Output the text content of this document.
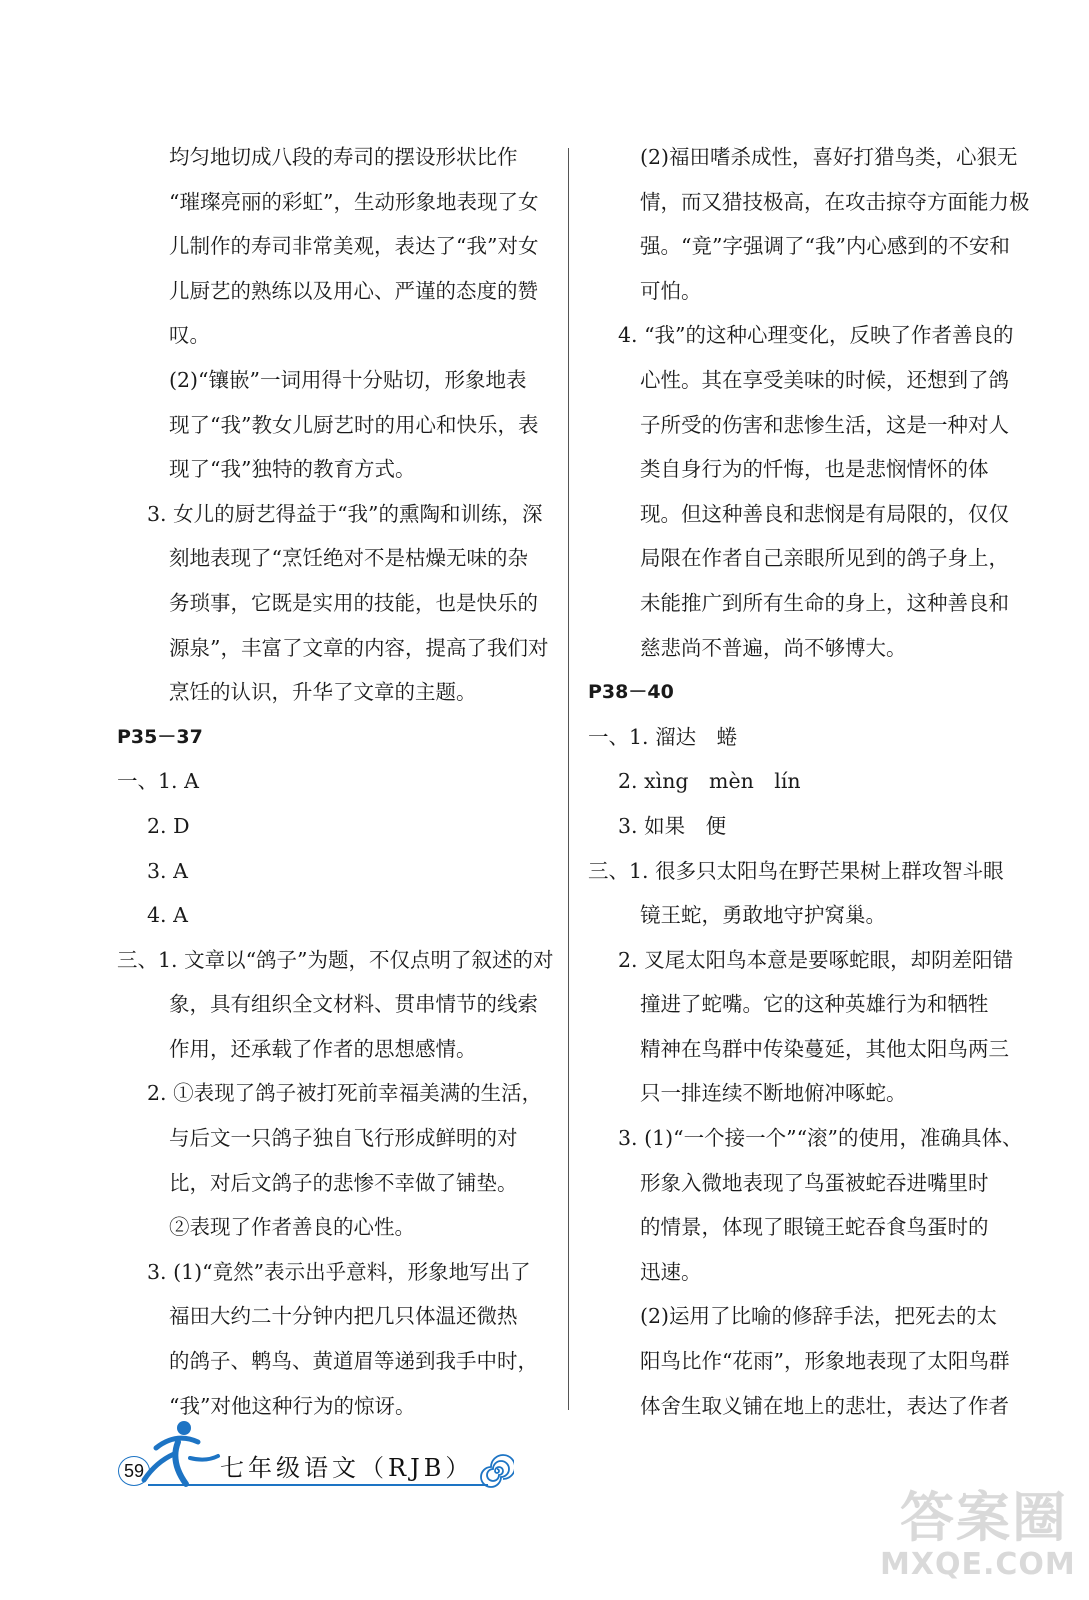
均匀地切成八段的寿司的摆设形状比作
“璀璨亮丽的彩虹”，生动形象地表现了女
儿制作的寿司非常美观，表达了“我”对女
儿厨艺的熟练以及用心、严谨的态度的赞
叹。
(2)“镶嵌”一词用得十分贴切，形象地表
现了“我”教女儿厨艺时的用心和快乐，表
现了“我”独特的教育方式。
3. 女儿的厨艺得益于“我”的熏陶和训练，深
刻地表现了“烹饪绝对不是枯燥无味的杂
务琐事，它既是实用的技能，也是快乐的
源泉”，丰富了文章的内容，提高了我们对
烹饪的认识，升华了文章的主题。
P35－37
一、1. A
2. D
3. A
4. A
三、1. 文章以“鸽子”为题，不仅点明了叙述的对
象，具有组织全文材料、贯串情节的线索
作用，还承载了作者的思想感情。
2. ①表现了鸽子被打死前幸福美满的生活，
与后文一只鸽子独自飞行形成鲜明的对
比，对后文鸽子的悲惨不幸做了铺垫。
②表现了作者善良的心性。
3. (1)“竟然”表示出乎意料，形象地写出了
福田大约二十分钟内把几只体温还微热
的鸽子、鹎鸟、黄道眉等递到我手中时，
“我”对他这种行为的惊讶。
(2)福田嗜杀成性，喜好打猎鸟类，心狠无
情，而又猎技极高，在攻击掠夺方面能力极
强。“竟”字强调了“我”内心感到的不安和
可怕。
4. “我”的这种心理变化，反映了作者善良的
心性。其在享受美味的时候，还想到了鸽
子所受的伤害和悲惨生活，这是一种对人
类自身行为的忏悔，也是悲悯情怀的体
现。但这种善良和悲悯是有局限的，仅仅
局限在作者自己亲眼所见到的鸽子身上，
未能推广到所有生命的身上，这种善良和
慈悲尚不普遍，尚不够博大。
P38－40
一、1. 溜达　蜷
2. xìng　mèn　lín
3. 如果　便
三、1. 很多只太阳鸟在野芒果树上群攻智斗眼
镜王蛇，勇敢地守护窝巢。
2. 叉尾太阳鸟本意是要啄蛇眼，却阴差阳错
撞进了蛇嘴。它的这种英雄行为和牺牲
精神在鸟群中传染蔓延，其他太阳鸟两三
只一排连续不断地俯冲啄蛇。
3. (1)“一个接一个”“滚”的使用，准确具体、
形象入微地表现了鸟蛋被蛇吞进嘴里时
的情景，体现了眼镜王蛇吞食鸟蛋时的
迅速。
(2)运用了比喻的修辞手法，把死去的太
阳鸟比作“花雨”，形象地表现了太阳鸟群
体舍生取义铺在地上的悲壮，表达了作者
59	七年级语文（RJB）
答案圈
MXQE.COM
